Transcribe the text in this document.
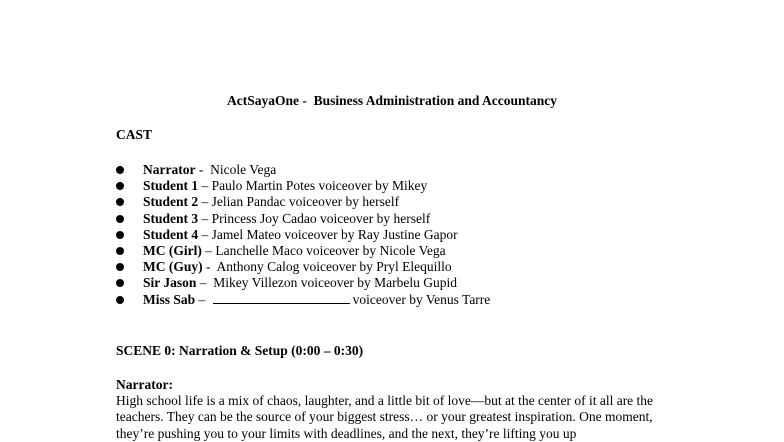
ActSayaOne -  Business Administration and Accountancy
CAST
Narrator -  Nicole Vega
Student 1 – Paulo Martin Potes voiceover by Mikey
Student 2 – Jelian Pandac voiceover by herself
Student 3 – Princess Joy Cadao voiceover by herself
Student 4 – Jamel Mateo voiceover by Ray Justine Gapor
MC (Girl) – Lanchelle Maco voiceover by Nicole Vega
MC (Guy) -  Anthony Calog voiceover by Pryl Elequillo
Sir Jason –  Mikey Villezon voiceover by Marbelu Gupid
Miss Sab –	voiceover by Venus Tarre
SCENE 0: Narration & Setup (0:00 – 0:30)
Narrator:

High school life is a mix of chaos, laughter, and a little bit of love—but at the center of it all are the teachers. They can be the source of your biggest stress… or your greatest inspiration. One moment, they’re pushing you to your limits with deadlines, and the next, they’re lifting you up
